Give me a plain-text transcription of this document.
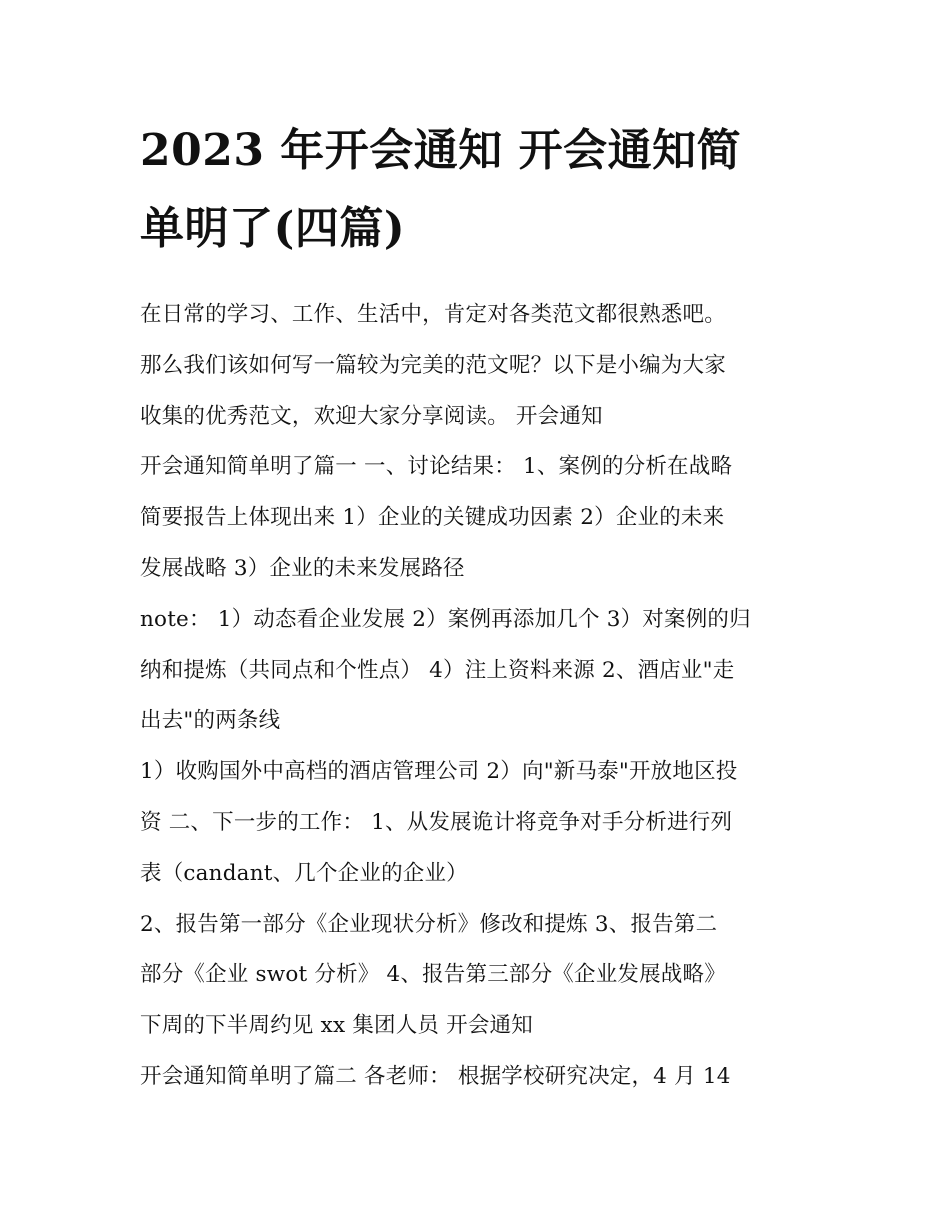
2023 年开会通知 开会通知简
单明了(四篇)
在日常的学习、工作、生活中，肯定对各类范文都很熟悉吧。
那么我们该如何写一篇较为完美的范文呢？以下是小编为大家
收集的优秀范文，欢迎大家分享阅读。 开会通知
开会通知简单明了篇一 一、讨论结果： 1、案例的分析在战略
简要报告上体现出来 1）企业的关键成功因素 2）企业的未来
发展战略 3）企业的未来发展路径
note： 1）动态看企业发展 2）案例再添加几个 3）对案例的归
纳和提炼（共同点和个性点） 4）注上资料来源 2、酒店业"走
出去"的两条线
1）收购国外中高档的酒店管理公司 2）向"新马泰"开放地区投
资 二、下一步的工作： 1、从发展诡计将竞争对手分析进行列
表（candant、几个企业的企业）
2、报告第一部分《企业现状分析》修改和提炼 3、报告第二
部分《企业 swot 分析》 4、报告第三部分《企业发展战略》
下周的下半周约见 xx 集团人员 开会通知
开会通知简单明了篇二 各老师： 根据学校研究决定，4 月 14
